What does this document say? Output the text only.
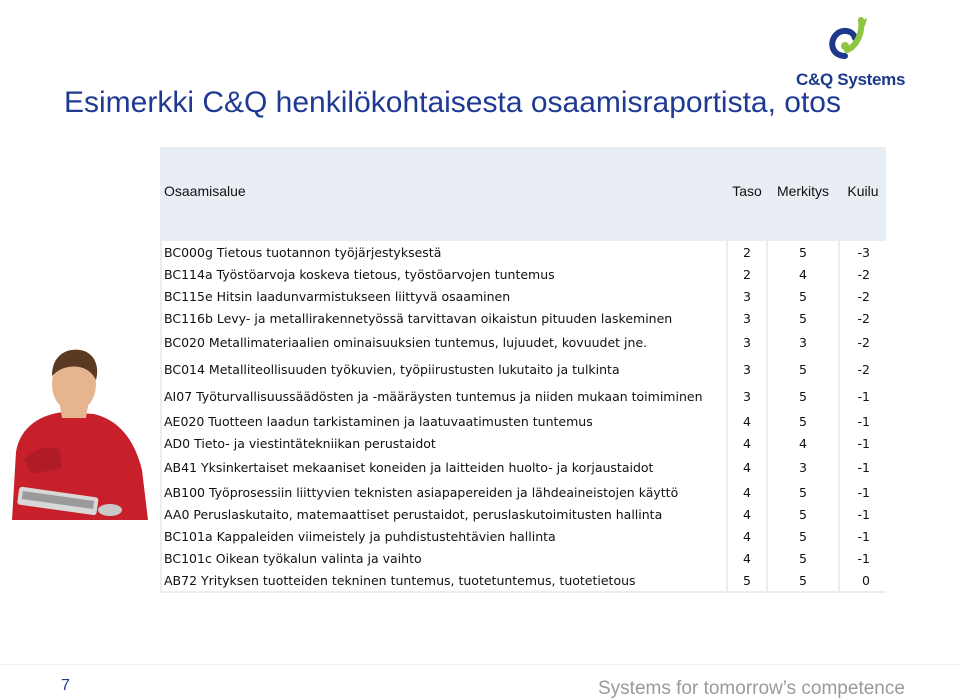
C&Q Systems
Esimerkki C&Q henkilökohtaisesta osaamisraportista, otos
Osaamisalue	Taso	Merkitys	Kuilu

BC000g Tietous tuotannon työjärjestyksestä	2	5	-3
BC114a Työstöarvoja koskeva tietous, työstöarvojen tuntemus	2	4	-2
BC115e Hitsin laadunvarmistukseen liittyvä osaaminen	3	5	-2
BC116b Levy- ja metallirakennetyössä tarvittavan oikaistun pituuden laskeminen	3	5	-2
BC020 Metallimateriaalien ominaisuuksien tuntemus, lujuudet, kovuudet jne.	3	3	-2
BC014 Metalliteollisuuden työkuvien, työpiirustusten lukutaito ja tulkinta	3	5	-2
AI07 Työturvallisuussäädösten ja -määräysten tuntemus ja niiden mukaan toimiminen	3	5	-1
AE020 Tuotteen laadun tarkistaminen ja laatuvaatimusten tuntemus	4	5	-1
AD0 Tieto- ja viestintätekniikan perustaidot	4	4	-1
AB41 Yksinkertaiset mekaaniset koneiden ja laitteiden huolto- ja korjaustaidot	4	3	-1
AB100 Työprosessiin liittyvien teknisten asiapapereiden ja lähdeaineistojen käyttö	4	5	-1
AA0 Peruslaskutaito, matemaattiset perustaidot, peruslaskutoimitusten hallinta	4	5	-1
BC101a Kappaleiden viimeistely ja puhdistustehtävien hallinta	4	5	-1
BC101c Oikean työkalun valinta ja vaihto	4	5	-1
AB72 Yrityksen tuotteiden tekninen tuntemus, tuotetuntemus, tuotetietous	5	5	0
7	Systems for tomorrow’s competence
